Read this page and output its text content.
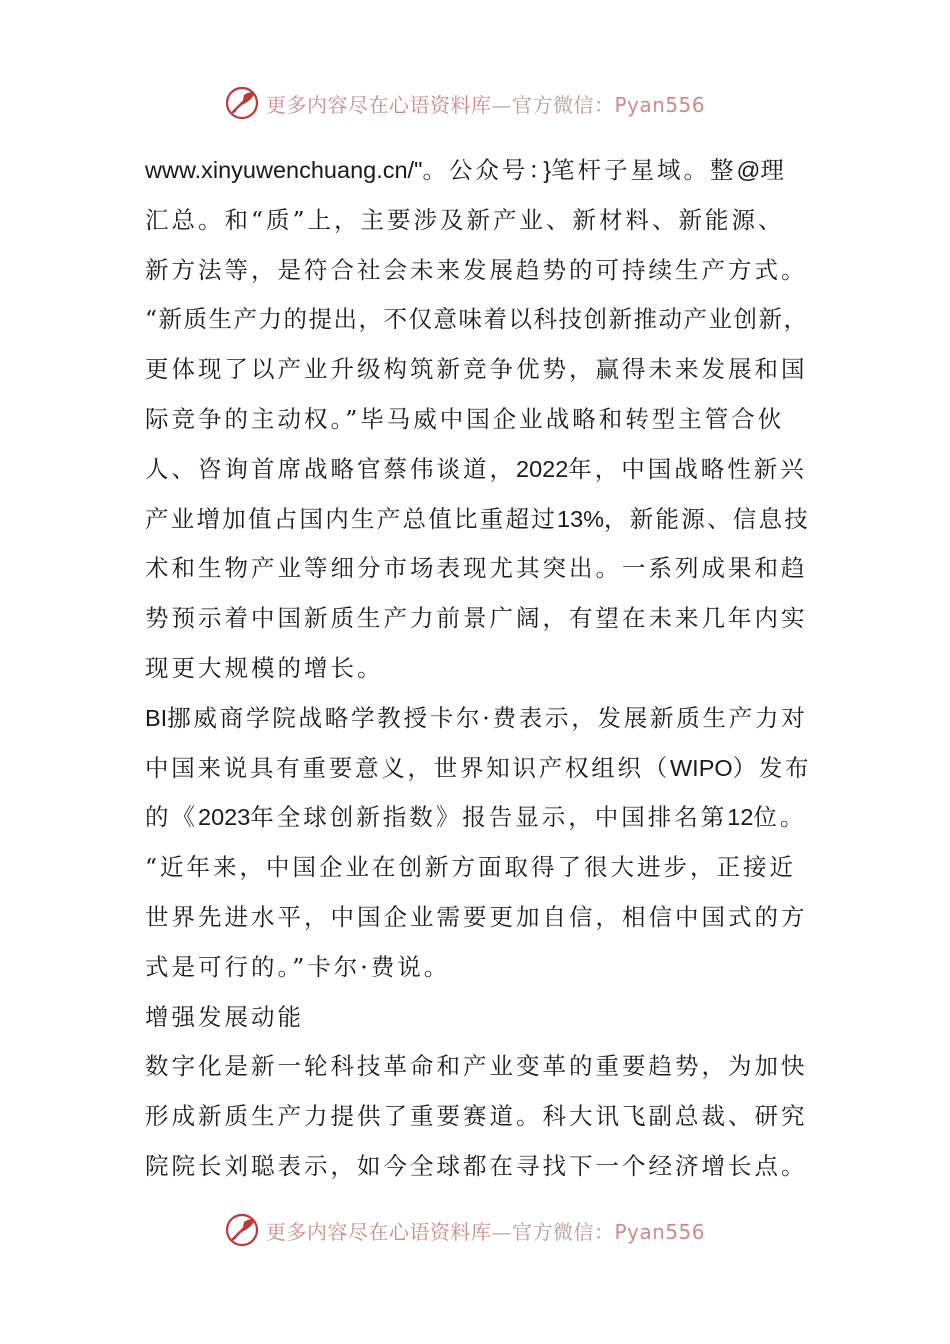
更多内容尽在心语资料库—官方微信：Pyan556
www.xinyuwenchuang.cn/"。公众号：}笔杆子星域。整@理
汇总。和“质”上，主要涉及新产业、新材料、新能源、
新方法等，是符合社会未来发展趋势的可持续生产方式。
“新质生产力的提出，不仅意味着以科技创新推动产业创新，
更体现了以产业升级构筑新竞争优势，赢得未来发展和国
际竞争的主动权。”毕马威中国企业战略和转型主管合伙
人、咨询首席战略官蔡伟谈道，2022年，中国战略性新兴
产业增加值占国内生产总值比重超过13%，新能源、信息技
术和生物产业等细分市场表现尤其突出。一系列成果和趋
势预示着中国新质生产力前景广阔，有望在未来几年内实
现更大规模的增长。
BI挪威商学院战略学教授卡尔·费表示，发展新质生产力对
中国来说具有重要意义，世界知识产权组织（WIPO）发布
的《2023年全球创新指数》报告显示，中国排名第12位。
“近年来，中国企业在创新方面取得了很大进步，正接近
世界先进水平，中国企业需要更加自信，相信中国式的方
式是可行的。”卡尔·费说。
增强发展动能
数字化是新一轮科技革命和产业变革的重要趋势，为加快
形成新质生产力提供了重要赛道。科大讯飞副总裁、研究
院院长刘聪表示，如今全球都在寻找下一个经济增长点。
更多内容尽在心语资料库—官方微信：Pyan556
